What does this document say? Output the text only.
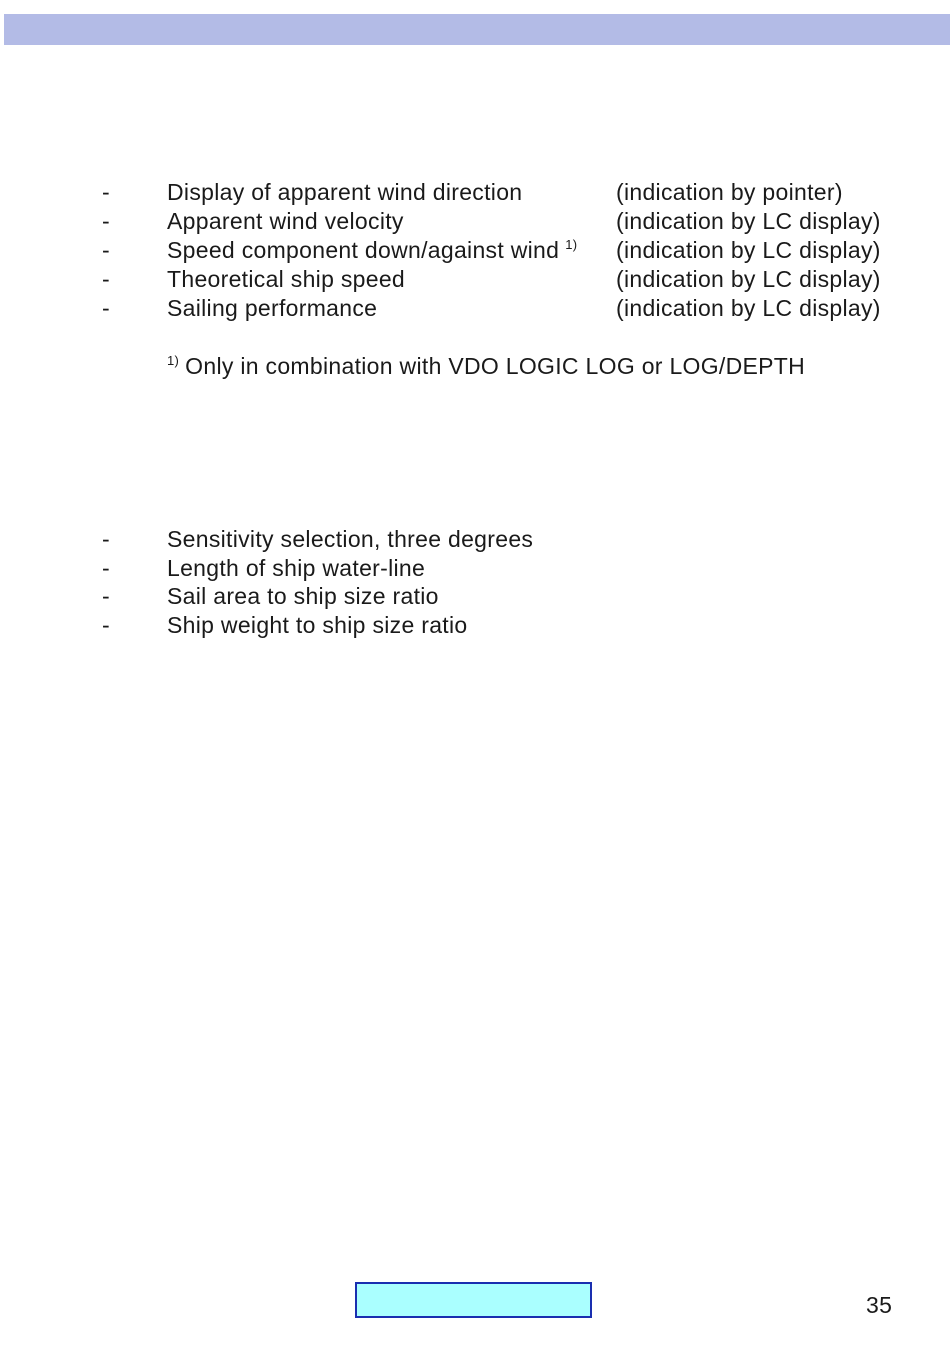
- Display of apparent wind direction	(indication by pointer)
- Apparent wind velocity	(indication by LC display)
- Speed component down/against wind $^{1)}$ (indication by LC display)
- Theoretical ship speed	(indication by LC display)
- Sailing performance	(indication by LC display)
$^{1)}$ Only in combination with VDO LOGIC LOG or LOG/DEPTH
- Sensitivity selection, three degrees
- Length of ship water-line
- Sail area to ship size ratio
- Ship weight to ship size ratio
35
